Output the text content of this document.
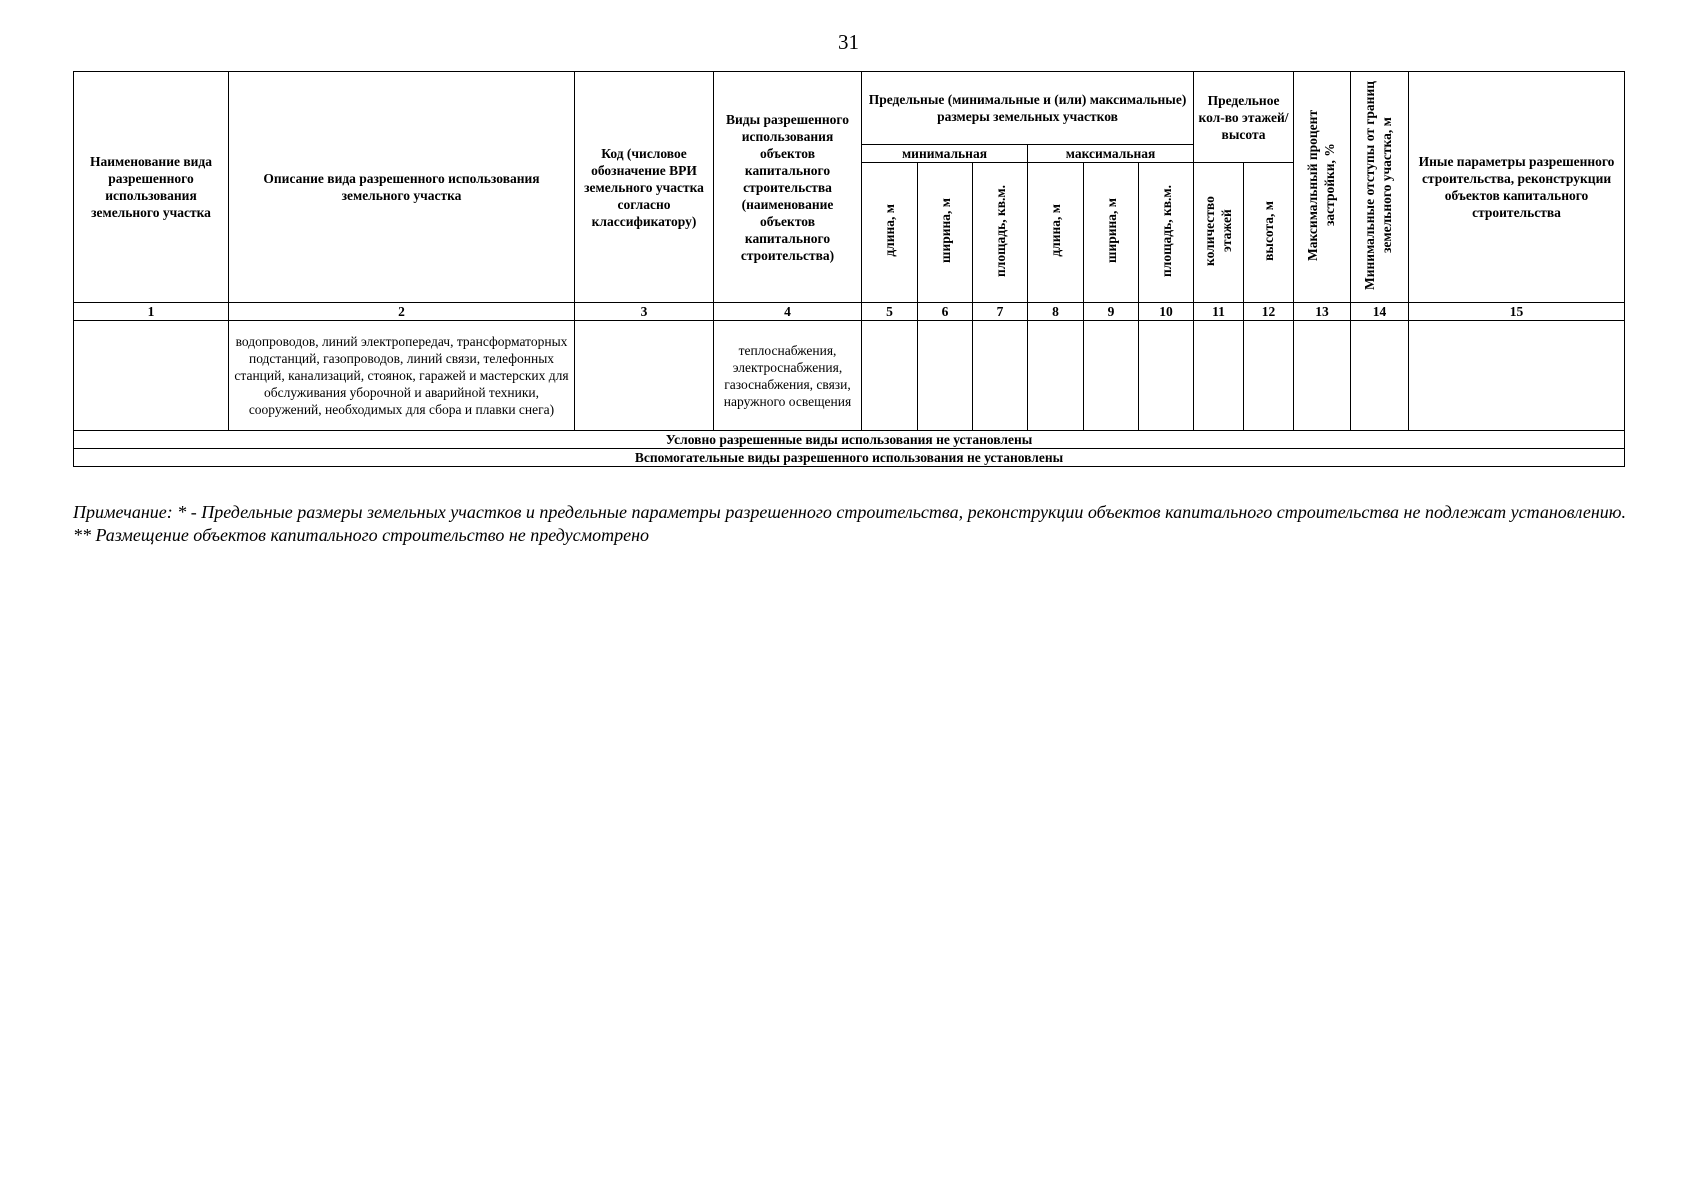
31
Наименование вида разрешенного использования земельного участка	Описание вида разрешенного использования земельного участка	Код (числовое обозначение ВРИ земельного участка согласно классификатору)	Виды разрешенного использования объектов капитального строительства (наименование объектов капитального строительства)	Предельные (минимальные и (или) максимальные) размеры земельных участков						Предельное кол-во этажей/ высота		Максимальный процент застройки, %	Минимальные отступы от границ земельного участка, м	Иные параметры разрешенного строительства, реконструкции объектов капитального строительства
				минимальная			максимальная							
				длина, м	ширина, м	площадь, кв.м.	длина, м	ширина, м	площадь, кв.м.	количество этажей	высота, м			
1	2	3	4	5	6	7	8	9	10	11	12	13	14	15
	водопроводов, линий электропередач, трансформаторных подстанций, газопроводов, линий связи, телефонных станций, канализаций, стоянок, гаражей и мастерских для обслуживания уборочной и аварийной техники, сооружений, необходимых для сбора и плавки снега)		теплоснабжения, электроснабжения, газоснабжения, связи, наружного освещения											
Условно разрешенные виды использования не установлены														
Вспомогательные виды разрешенного использования не установлены														

Примечание: * - Предельные размеры земельных участков и предельные параметры разрешенного строительства, реконструкции объектов капитального строительства не подлежат установлению.

** Размещение объектов капитального строительство не предусмотрено
